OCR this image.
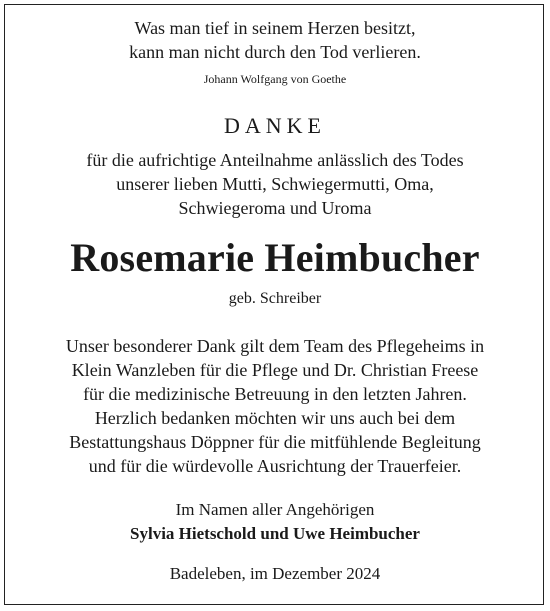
Was man tief in seinem Herzen besitzt,
kann man nicht durch den Tod verlieren.
Johann Wolfgang von Goethe
DANKE
für die aufrichtige Anteilnahme anlässlich des Todes
unserer lieben Mutti, Schwiegermutti, Oma,
Schwiegeroma und Uroma
Rosemarie Heimbucher
geb. Schreiber
Unser besonderer Dank gilt dem Team des Pflegeheims in
Klein Wanzleben für die Pflege und Dr. Christian Freese
für die medizinische Betreuung in den letzten Jahren.
Herzlich bedanken möchten wir uns auch bei dem
Bestattungshaus Döppner für die mitfühlende Begleitung
und für die würdevolle Ausrichtung der Trauerfeier.
Im Namen aller Angehörigen
Sylvia Hietschold und Uwe Heimbucher
Badeleben, im Dezember 2024
